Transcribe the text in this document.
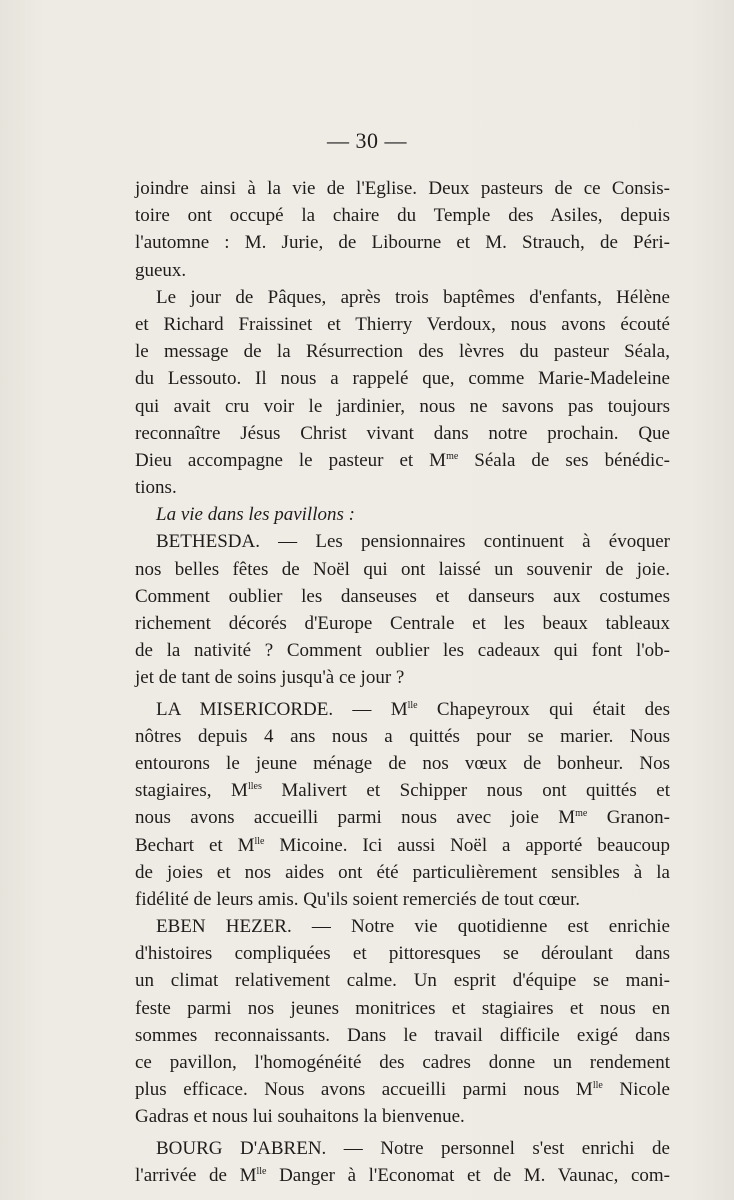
— 30 —
joindre ainsi à la vie de l'Eglise. Deux pasteurs de ce Consis-
toire ont occupé la chaire du Temple des Asiles, depuis
l'automne : M. Jurie, de Libourne et M. Strauch, de Péri-
gueux.
Le jour de Pâques, après trois baptêmes d'enfants, Hélène
et Richard Fraissinet et Thierry Verdoux, nous avons écouté
le message de la Résurrection des lèvres du pasteur Séala,
du Lessouto. Il nous a rappelé que, comme Marie-Madeleine
qui avait cru voir le jardinier, nous ne savons pas toujours
reconnaître Jésus Christ vivant dans notre prochain. Que
Dieu accompagne le pasteur et $M^{me}$ Séala de ses bénédic-
tions.
La vie dans les pavillons :
BETHESDA. — Les pensionnaires continuent à évoquer
nos belles fêtes de Noël qui ont laissé un souvenir de joie.
Comment oublier les danseuses et danseurs aux costumes
richement décorés d'Europe Centrale et les beaux tableaux
de la nativité ? Comment oublier les cadeaux qui font l'ob-
jet de tant de soins jusqu'à ce jour ?
LA MISERICORDE. — $M^{lle}$ Chapeyroux qui était des
nôtres depuis 4 ans nous a quittés pour se marier. Nous
entourons le jeune ménage de nos vœux de bonheur. Nos
stagiaires, $M^{lles}$ Malivert et Schipper nous ont quittés et
nous avons accueilli parmi nous avec joie $M^{me}$ Granon-
Bechart et $M^{lle}$ Micoine. Ici aussi Noël a apporté beaucoup
de joies et nos aides ont été particulièrement sensibles à la
fidélité de leurs amis. Qu'ils soient remerciés de tout cœur.
EBEN HEZER. — Notre vie quotidienne est enrichie
d'histoires compliquées et pittoresques se déroulant dans
un climat relativement calme. Un esprit d'équipe se mani-
feste parmi nos jeunes monitrices et stagiaires et nous en
sommes reconnaissants. Dans le travail difficile exigé dans
ce pavillon, l'homogénéité des cadres donne un rendement
plus efficace. Nous avons accueilli parmi nous $M^{lle}$ Nicole
Gadras et nous lui souhaitons la bienvenue.
BOURG D'ABREN. — Notre personnel s'est enrichi de
l'arrivée de $M^{lle}$ Danger à l'Economat et de M. Vaunac, com-
